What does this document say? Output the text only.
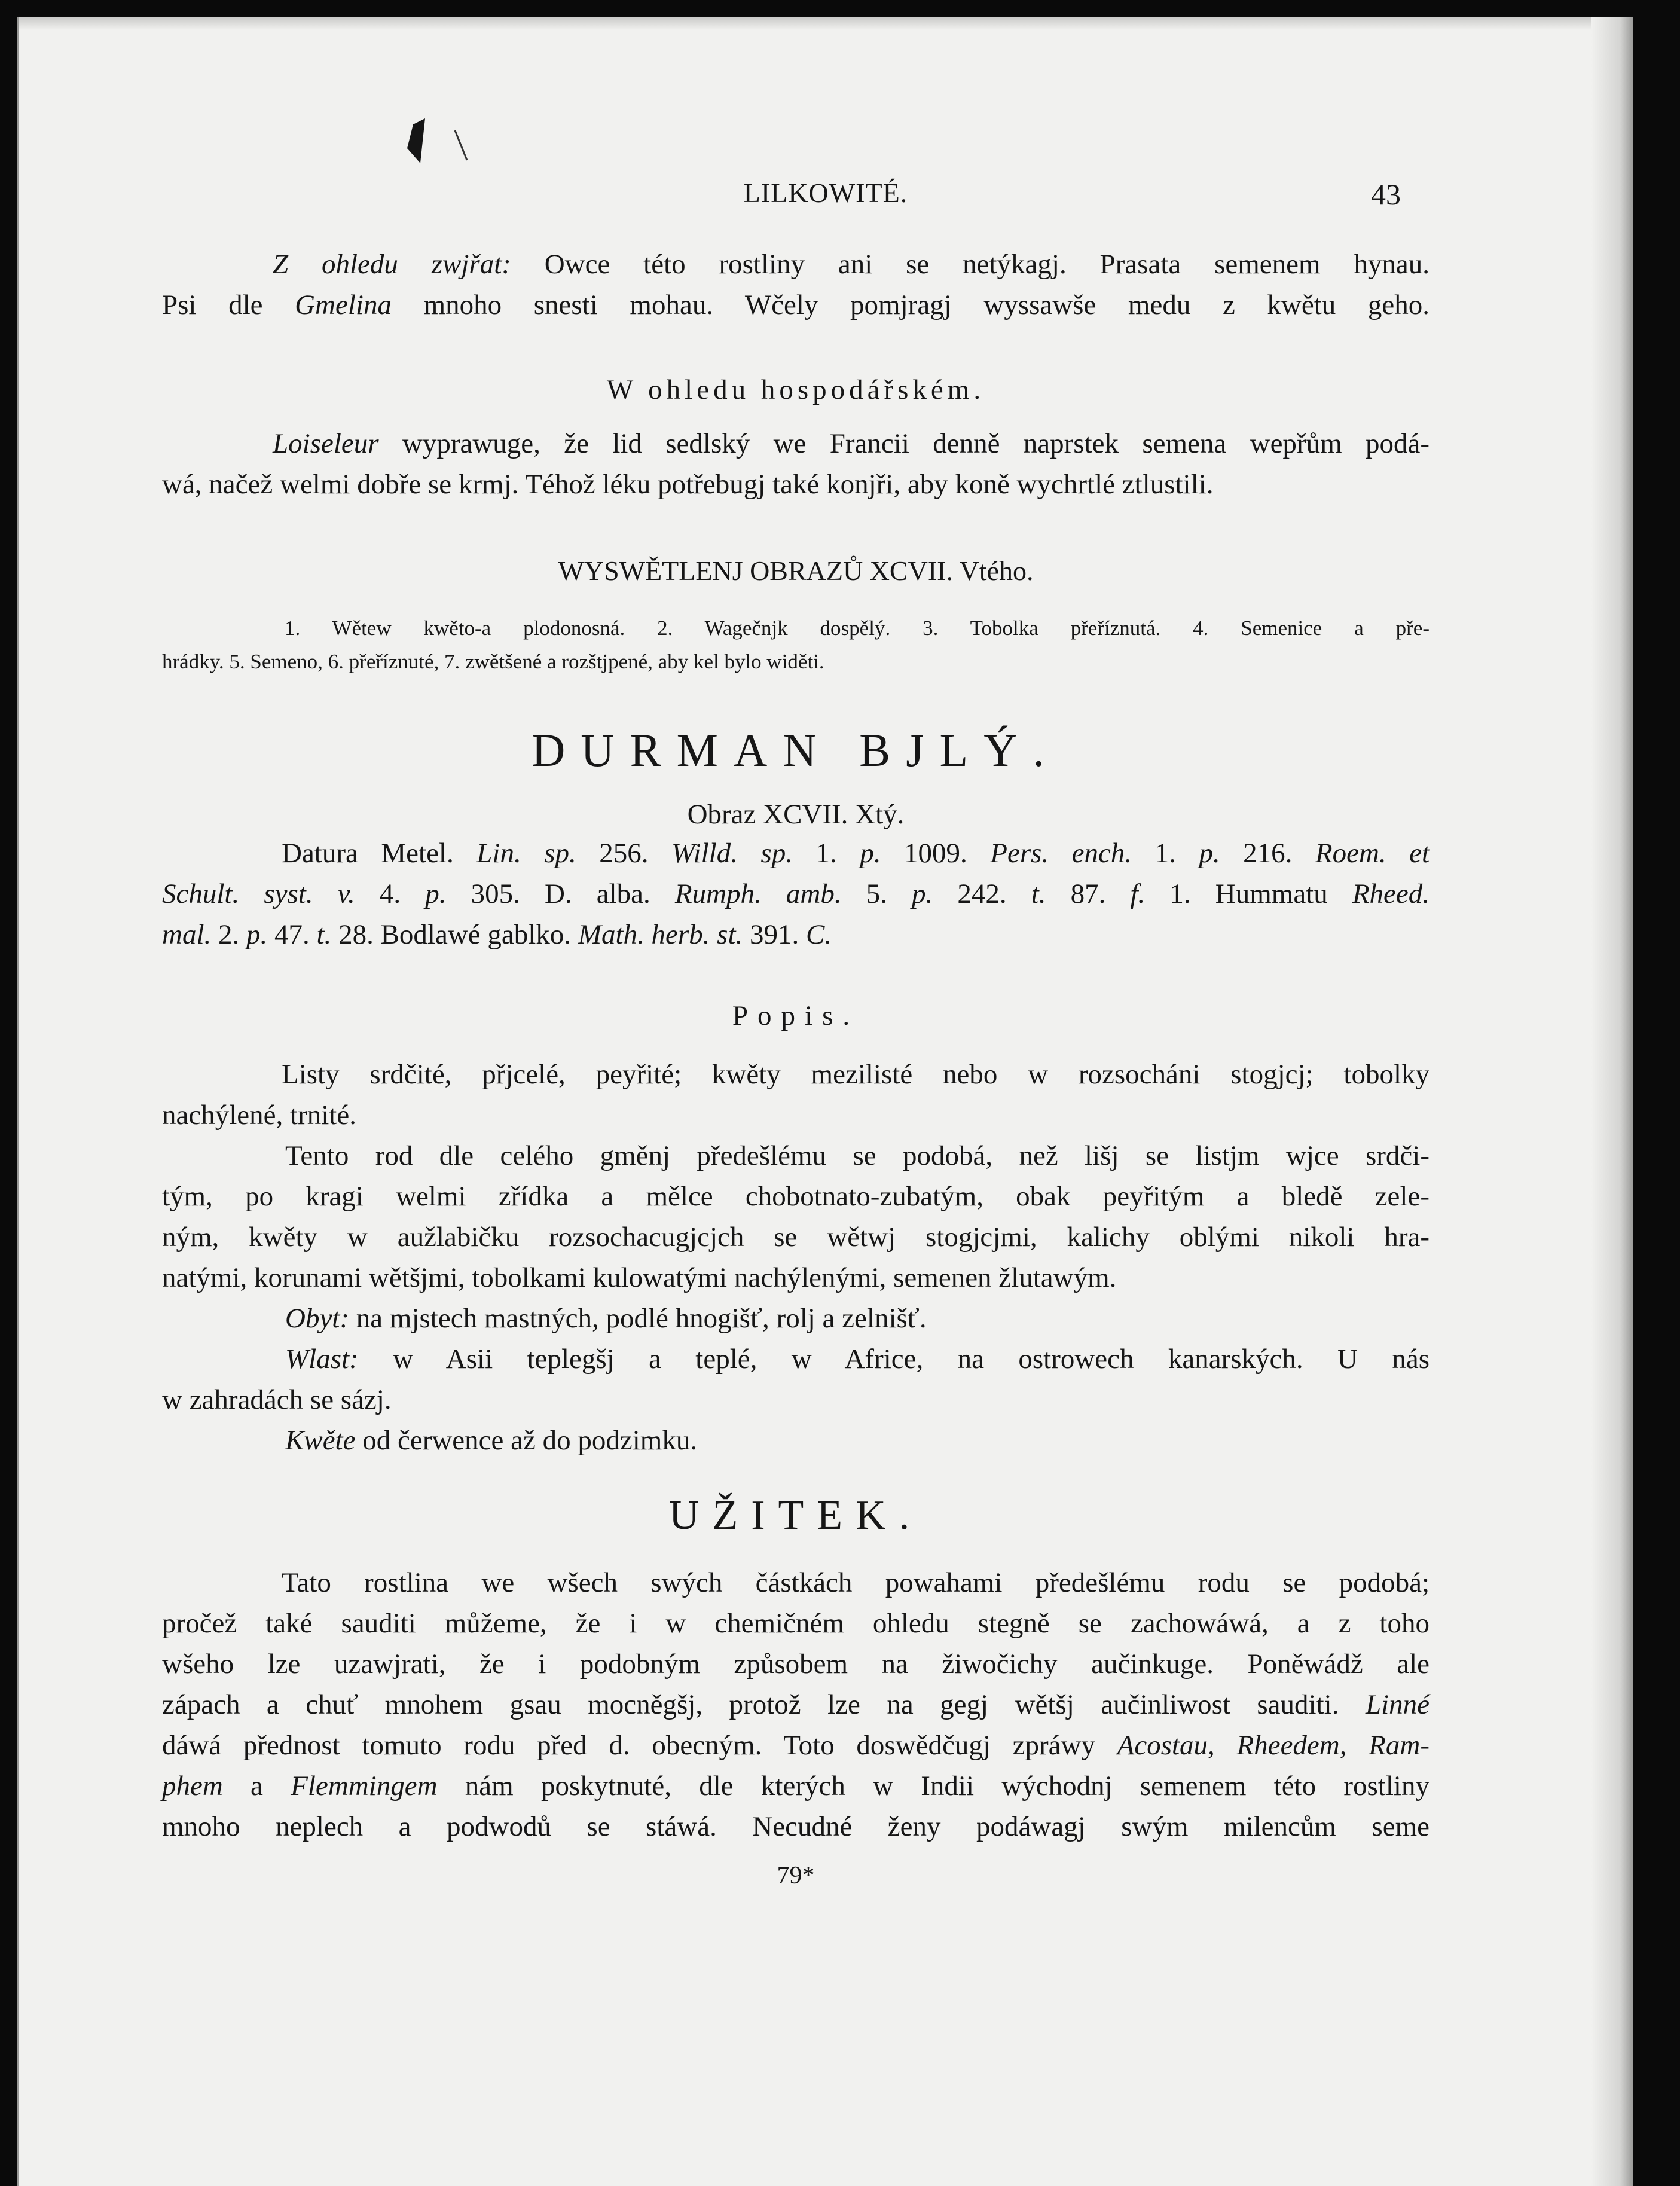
LILKOWITÉ.	43
Z ohledu zwjřat: Owce této rostliny ani se netýkagj. Prasata semenem hynau.
Psi dle Gmelina mnoho snesti mohau. Wčely pomjragj wyssawše medu z kwětu geho.
W ohledu hospodářském.
Loiseleur wyprawuge, že lid sedlský we Francii denně naprstek semena wepřům podá-
wá, načež welmi dobře se krmj. Téhož léku potřebugj také konjři, aby koně wychrtlé ztlustili.
WYSWĚTLENJ OBRAZŮ XCVII. Vtého.
1. Wětew kwěto-a plodonosná. 2. Wagečnjk dospělý. 3. Tobolka přeříznutá. 4. Semenice a pře-
hrádky. 5. Semeno, 6. přeříznuté, 7. zwětšené a rozštjpené, aby kel bylo widěti.
DURMAN BJLÝ.
Obraz XCVII. Xtý.
Datura Metel. Lin. sp. 256. Willd. sp. 1. p. 1009. Pers. ench. 1. p. 216. Roem. et
Schult. syst. v. 4. p. 305. D. alba. Rumph. amb. 5. p. 242. t. 87. f. 1. Hummatu Rheed.
mal. 2. p. 47. t. 28. Bodlawé gablko. Math. herb. st. 391. C.
Popis.
Listy srdčité, přjcelé, peyřité; kwěty mezilisté nebo w rozsocháni stogjcj; tobolky
nachýlené, trnité.
Tento rod dle celého gměnj předešlému se podobá, než lišj se listjm wjce srdči-
tým, po kragi welmi zřídka a mělce chobotnato-zubatým, obak peyřitým a bledě zele-
ným, kwěty w aužlabičku rozsochacugjcjch se wětwj stogjcjmi, kalichy oblými nikoli hra-
natými, korunami wětšjmi, tobolkami kulowatými nachýlenými, semenen žlutawým.
Obyt: na mjstech mastných, podlé hnogišť, rolj a zelnišť.
Wlast: w Asii teplegšj a teplé, w Africe, na ostrowech kanarských. U nás
w zahradách se sázj.
Kwěte od čerwence až do podzimku.
UŽITEK.
Tato rostlina we wšech swých částkách powahami předešlému rodu se podobá;
pročež také sauditi můžeme, že i w chemičném ohledu stegně se zachowáwá, a z toho
wšeho lze uzawjrati, že i podobným způsobem na žiwočichy aučinkuge. Poněwádž ale
zápach a chuť mnohem gsau mocněgšj, protož lze na gegj wětšj aučinliwost sauditi. Linné
dáwá přednost tomuto rodu před d. obecným. Toto doswědčugj zpráwy Acostau, Rheedem, Ram-
phem a Flemmingem nám poskytnuté, dle kterých w Indii wýchodnj semenem této rostliny
mnoho neplech a podwodů se stáwá. Necudné ženy podáwagj swým milencům seme
79*
